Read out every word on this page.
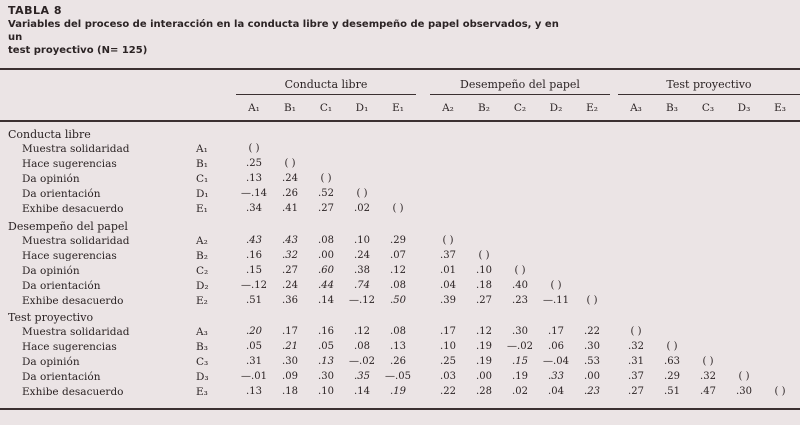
TABLA 8
Variables del proceso de interacción en la conducta libre y desempeño de papel observados, y en un
test proyectivo (N= 125)
Conducta libre	Desempeño del papel	Test proyectivo
A₁	B₁	C₁	D₁	E₁	A₂	B₂	C₂	D₂	E₂	A₃	B₃	C₃	D₃	E₃
Conducta libre
Muestra solidaridad	A₁	( )
Hace sugerencias	B₁	.25	( )
Da opinión	C₁	.13	.24	( )
Da orientación	D₁	—.14	.26	.52	( )
Exhibe desacuerdo	E₁	.34	.41	.27	.02	( )
Desempeño del papel
Muestra solidaridad	A₂	.43	.43	.08	.10	.29	( )
Hace sugerencias	B₂	.16	.32	.00	.24	.07	.37	( )
Da opinión	C₂	.15	.27	.60	.38	.12	.01	.10	( )
Da orientación	D₂	—.12	.24	.44	.74	.08	.04	.18	.40	( )
Exhibe desacuerdo	E₂	.51	.36	.14	—.12	.50	.39	.27	.23	—.11	( )
Test proyectivo
Muestra solidaridad	A₃	.20	.17	.16	.12	.08	.17	.12	.30	.17	.22	( )
Hace sugerencias	B₃	.05	.21	.05	.08	.13	.10	.19	—.02	.06	.30	.32	( )
Da opinión	C₃	.31	.30	.13	—.02	.26	.25	.19	.15	—.04	.53	.31	.63	( )
Da orientación	D₃	—.01	.09	.30	.35	—.05	.03	.00	.19	.33	.00	.37	.29	.32	( )
Exhibe desacuerdo	E₃	.13	.18	.10	.14	.19	.22	.28	.02	.04	.23	.27	.51	.47	.30	( )
